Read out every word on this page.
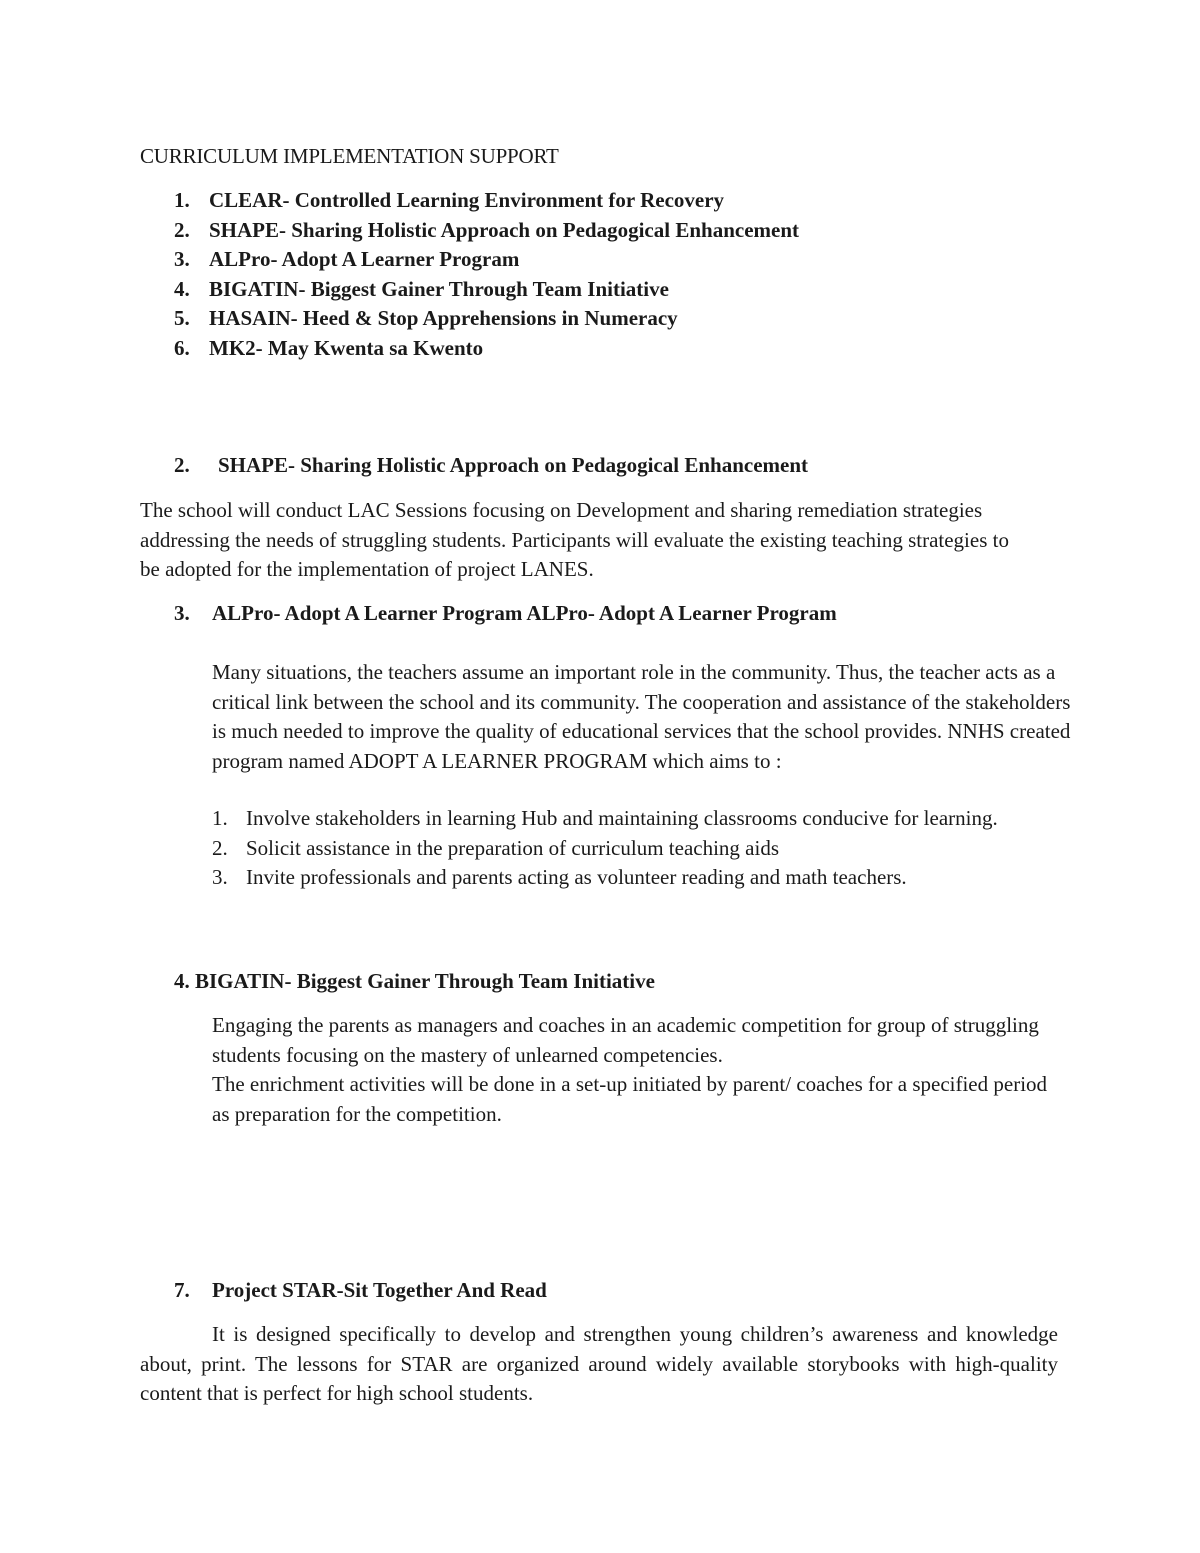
CURRICULUM IMPLEMENTATION SUPPORT
1. CLEAR- Controlled Learning Environment for Recovery
2. SHAPE- Sharing Holistic Approach on Pedagogical Enhancement
3. ALPro- Adopt A Learner Program
4. BIGATIN- Biggest Gainer Through Team Initiative
5. HASAIN- Heed & Stop Apprehensions in Numeracy
6. MK2- May Kwenta sa Kwento
2. SHAPE- Sharing Holistic Approach on Pedagogical Enhancement

The school will conduct LAC Sessions focusing on Development and sharing remediation strategies addressing the needs of struggling students. Participants will evaluate the existing teaching strategies to be adopted for the implementation of project LANES.

3. ALPro- Adopt A Learner Program ALPro- Adopt A Learner Program

Many situations, the teachers assume an important role in the community. Thus, the teacher acts as a critical link between the school and its community. The cooperation and assistance of the stakeholders is much needed to improve the quality of educational services that the school provides. NNHS created program named ADOPT A LEARNER PROGRAM which aims to :

1. Involve stakeholders in learning Hub and maintaining classrooms conducive for learning.
2. Solicit assistance in the preparation of curriculum teaching aids
3. Invite professionals and parents acting as volunteer reading and math teachers.
4. BIGATIN- Biggest Gainer Through Team Initiative

Engaging the parents as managers and coaches in an academic competition for group of struggling students focusing on the mastery of unlearned competencies.
The enrichment activities will be done in a set-up initiated by parent/ coaches for a specified period as preparation for the competition.

7. Project STAR-Sit Together And Read

It is designed specifically to develop and strengthen young children’s awareness and knowledge about, print. The lessons for STAR are organized around widely available storybooks with high-quality content that is perfect for high school students.
